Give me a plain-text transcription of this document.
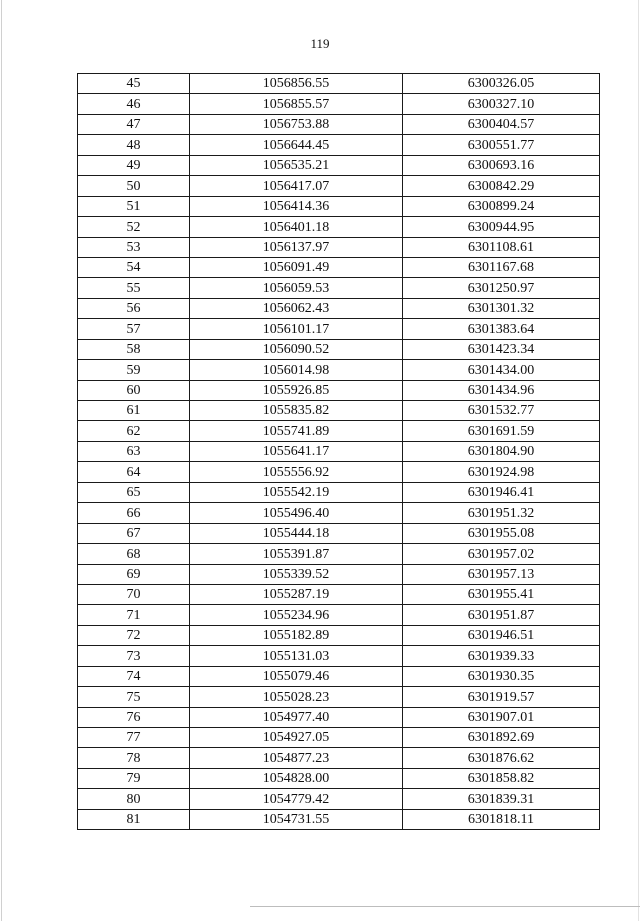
119
45	1056856.55	6300326.05
46	1056855.57	6300327.10
47	1056753.88	6300404.57
48	1056644.45	6300551.77
49	1056535.21	6300693.16
50	1056417.07	6300842.29
51	1056414.36	6300899.24
52	1056401.18	6300944.95
53	1056137.97	6301108.61
54	1056091.49	6301167.68
55	1056059.53	6301250.97
56	1056062.43	6301301.32
57	1056101.17	6301383.64
58	1056090.52	6301423.34
59	1056014.98	6301434.00
60	1055926.85	6301434.96
61	1055835.82	6301532.77
62	1055741.89	6301691.59
63	1055641.17	6301804.90
64	1055556.92	6301924.98
65	1055542.19	6301946.41
66	1055496.40	6301951.32
67	1055444.18	6301955.08
68	1055391.87	6301957.02
69	1055339.52	6301957.13
70	1055287.19	6301955.41
71	1055234.96	6301951.87
72	1055182.89	6301946.51
73	1055131.03	6301939.33
74	1055079.46	6301930.35
75	1055028.23	6301919.57
76	1054977.40	6301907.01
77	1054927.05	6301892.69
78	1054877.23	6301876.62
79	1054828.00	6301858.82
80	1054779.42	6301839.31
81	1054731.55	6301818.11
